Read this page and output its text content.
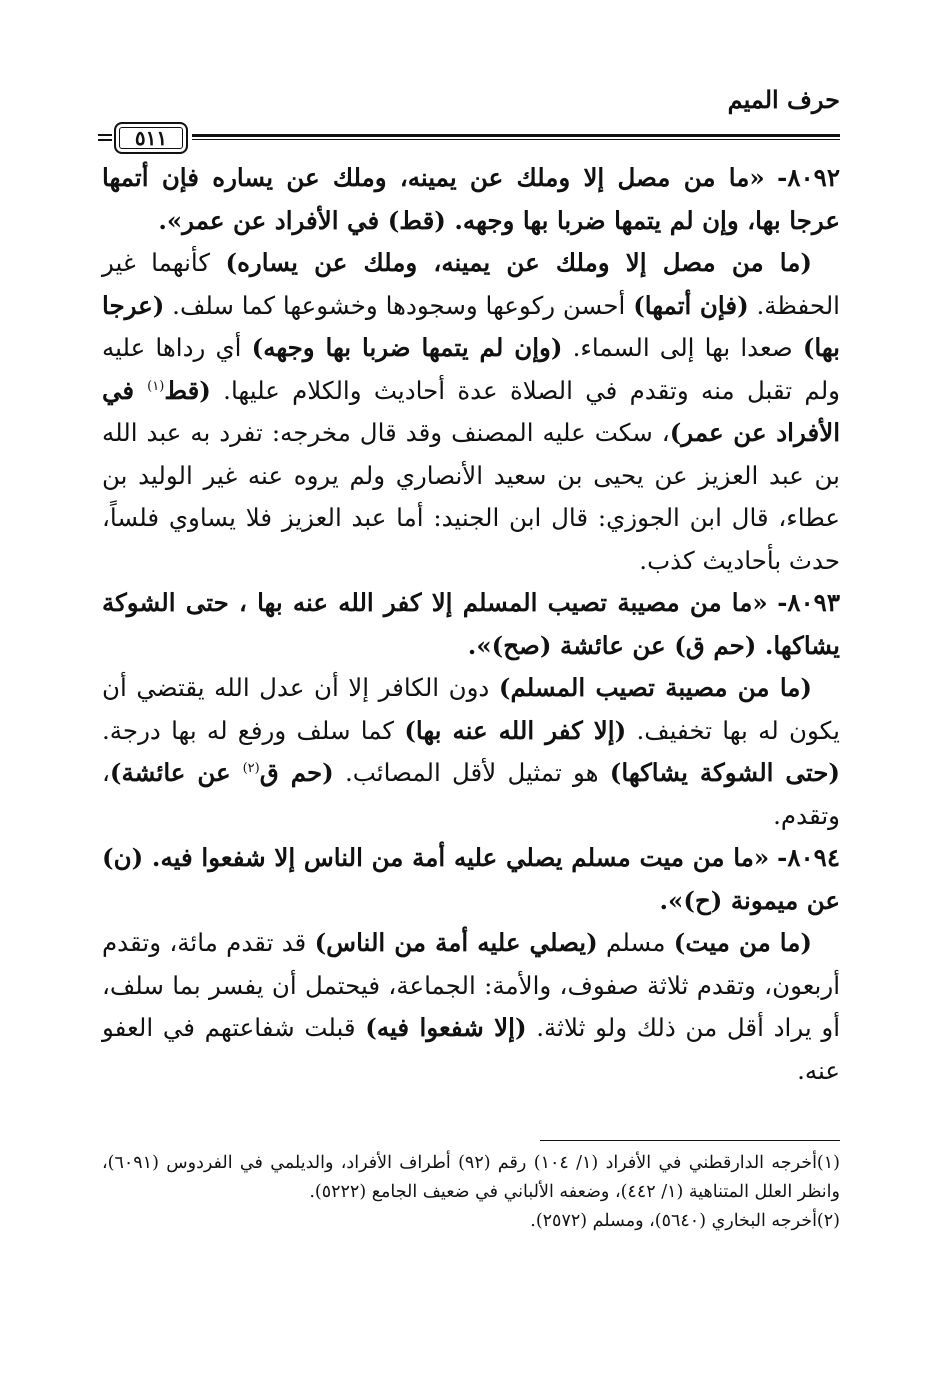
حرف الميم
٥١١

٨٠٩٢- «ما من مصل إلا وملك عن يمينه، وملك عن يساره فإن أتمها عرجا بها، وإن لم يتمها ضربا بها وجهه. (قط) في الأفراد عن عمر».

(ما من مصل إلا وملك عن يمينه، وملك عن يساره) كأنهما غير الحفظة. (فإن أتمها) أحسن ركوعها وسجودها وخشوعها كما سلف. (عرجا بها) صعدا بها إلى السماء. (وإن لم يتمها ضربا بها وجهه) أي رداها عليه ولم تقبل منه وتقدم في الصلاة عدة أحاديث والكلام عليها. (قط$^{(١)}$ في الأفراد عن عمر)، سكت عليه المصنف وقد قال مخرجه: تفرد به عبد الله بن عبد العزيز عن يحيى بن سعيد الأنصاري ولم يروه عنه غير الوليد بن عطاء، قال ابن الجوزي: قال ابن الجنيد: أما عبد العزيز فلا يساوي فلساً، حدث بأحاديث كذب.

٨٠٩٣- «ما من مصيبة تصيب المسلم إلا كفر الله عنه بها ، حتى الشوكة يشاكها. (حم ق) عن عائشة (صح)».

(ما من مصيبة تصيب المسلم) دون الكافر إلا أن عدل الله يقتضي أن يكون له بها تخفيف. (إلا كفر الله عنه بها) كما سلف ورفع له بها درجة. (حتى الشوكة يشاكها) هو تمثيل لأقل المصائب. (حم ق$^{(٢)}$ عن عائشة)، وتقدم.

٨٠٩٤- «ما من ميت مسلم يصلي عليه أمة من الناس إلا شفعوا فيه. (ن) عن ميمونة (ح)».

(ما من ميت) مسلم (يصلي عليه أمة من الناس) قد تقدم مائة، وتقدم أربعون، وتقدم ثلاثة صفوف، والأمة: الجماعة، فيحتمل أن يفسر بما سلف، أو يراد أقل من ذلك ولو ثلاثة. (إلا شفعوا فيه) قبلت شفاعتهم في العفو عنه.

(١)أخرجه الدارقطني في الأفراد (١/ ١٠٤) رقم (٩٢) أطراف الأفراد، والديلمي في الفردوس (٦٠٩١)، وانظر العلل المتناهية (١/ ٤٤٢)، وضعفه الألباني في ضعيف الجامع (٥٢٢٢).

(٢)أخرجه البخاري (٥٦٤٠)، ومسلم (٢٥٧٢).
